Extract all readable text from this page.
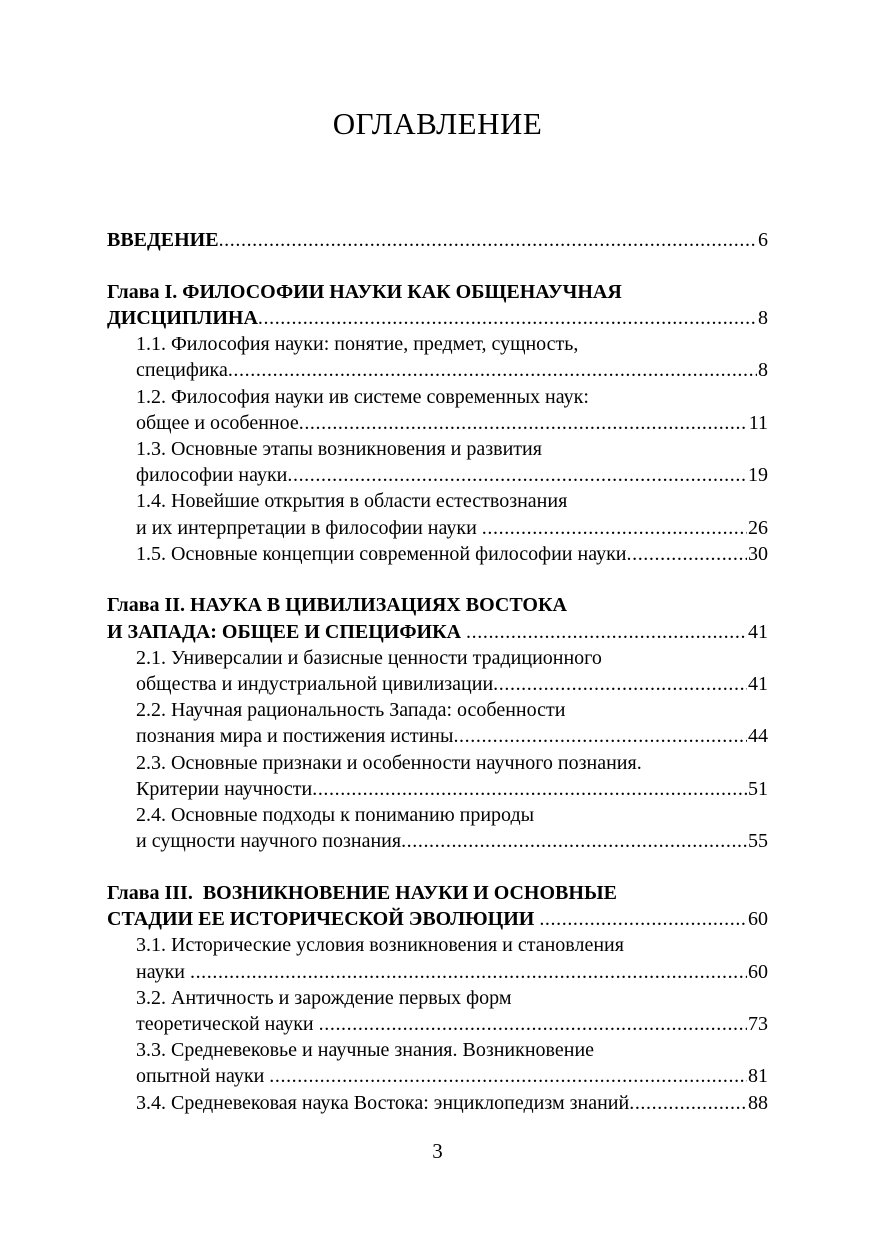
ОГЛАВЛЕНИЕ
ВВЕДЕНИЕ .....	6
Глава I. ФИЛОСОФИИ НАУКИ КАК ОБЩЕНАУЧНАЯ
ДИСЦИПЛИНА .....	8
1.1. Философия науки: понятие, предмет, сущность,
специфика .....	8
1.2. Философия науки ив системе современных наук:
общее и особенное .....	11
1.3. Основные этапы возникновения и развития
философии науки .....	19
1.4. Новейшие открытия в области естествознания
и их интерпретации в философии науки .....	26
1.5. Основные концепции современной философии науки .....	30
Глава II. НАУКА В ЦИВИЛИЗАЦИЯХ ВОСТОКА
И ЗАПАДА: ОБЩЕЕ И СПЕЦИФИКА .....	41
2.1. Универсалии и базисные ценности традиционного
общества и индустриальной цивилизации .....	41
2.2. Научная рациональность Запада: особенности
познания мира и постижения истины .....	44
2.3. Основные признаки и особенности научного познания.
Критерии научности .....	51
2.4. Основные подходы к пониманию природы
и сущности научного познания .....	55
Глава III.  ВОЗНИКНОВЕНИЕ НАУКИ И ОСНОВНЫЕ
СТАДИИ ЕЕ ИСТОРИЧЕСКОЙ ЭВОЛЮЦИИ .....	60
3.1. Исторические условия возникновения и становления
науки .....	60
3.2. Античность и зарождение первых форм
теоретической науки .....	73
3.3. Средневековье и научные знания. Возникновение
опытной науки .....	81
3.4. Средневековая наука Востока: энциклопедизм знаний .....	88
3
